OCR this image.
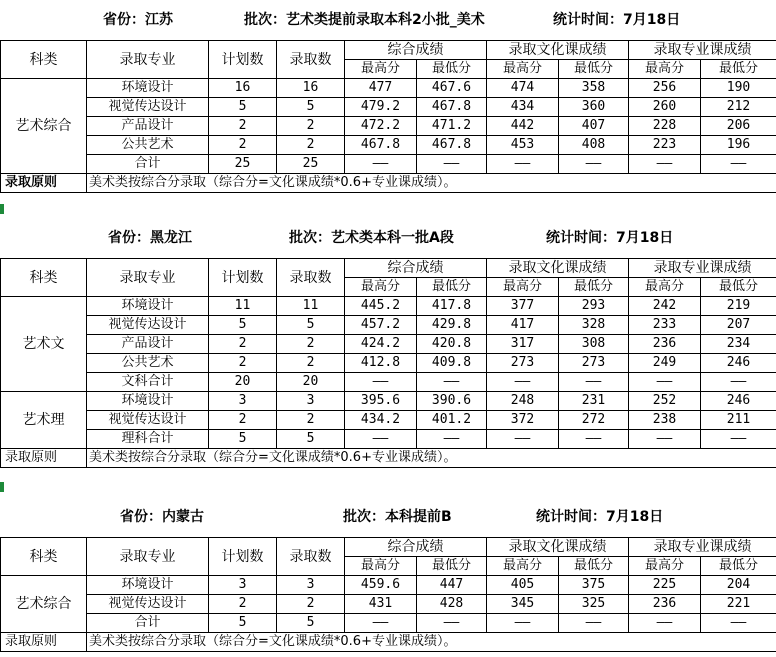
省份：江苏	批次：艺术类提前录取本科2小批_美术	统计时间：7月18日
科类	录取专业	计划数	录取数	综合成绩		录取文化课成绩		录取专业课成绩	
				最高分	最低分	最高分	最低分	最高分	最低分
艺术综合	环境设计	16	16	477	467.6	474	358	256	190
	视觉传达设计	5	5	479.2	467.8	434	360	260	212
	产品设计	2	2	472.2	471.2	442	407	228	206
	公共艺术	2	2	467.8	467.8	453	408	223	196
	合计	25	25	——	——	——	——	——	——
录取原则	美术类按综合分录取（综合分=文化课成绩*0.6+专业课成绩）。								
省份：黑龙江	批次：艺术类本科一批A段	统计时间：7月18日
科类	录取专业	计划数	录取数	综合成绩		录取文化课成绩		录取专业课成绩	
				最高分	最低分	最高分	最低分	最高分	最低分
艺术文	环境设计	11	11	445.2	417.8	377	293	242	219
	视觉传达设计	5	5	457.2	429.8	417	328	233	207
	产品设计	2	2	424.2	420.8	317	308	236	234
	公共艺术	2	2	412.8	409.8	273	273	249	246
	文科合计	20	20	——	——	——	——	——	——
艺术理	环境设计	3	3	395.6	390.6	248	231	252	246
	视觉传达设计	2	2	434.2	401.2	372	272	238	211
	理科合计	5	5	——	——	——	——	——	——
录取原则	美术类按综合分录取（综合分=文化课成绩*0.6+专业课成绩）。								
省份：内蒙古	批次：本科提前B	统计时间：7月18日
科类	录取专业	计划数	录取数	综合成绩		录取文化课成绩		录取专业课成绩	
				最高分	最低分	最高分	最低分	最高分	最低分
艺术综合	环境设计	3	3	459.6	447	405	375	225	204
	视觉传达设计	2	2	431	428	345	325	236	221
	合计	5	5	——	——	——	——	——	——
录取原则	美术类按综合分录取（综合分=文化课成绩*0.6+专业课成绩）。								
